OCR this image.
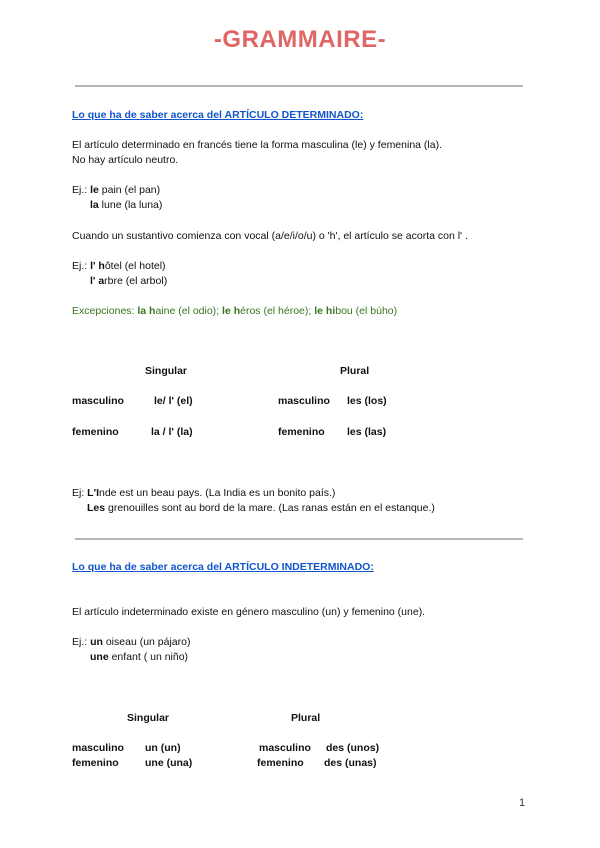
-GRAMMAIRE-
Lo que ha de saber acerca del ARTÍCULO DETERMINADO:
El artículo determinado en francés tiene la forma masculina (le) y femenina (la).
No hay artículo neutro.
Ej.: le pain (el pan)
la lune (la luna)
Cuando un sustantivo comienza con vocal (a/e/i/o/u) o 'h', el artículo se acorta con l' .
Ej.: l' hôtel (el hotel)
l' arbre (el arbol)
Excepciones: la haine (el odio); le héros (el héroe); le hibou (el búho)
Singular	Plural
masculino	le/ l' (el)	masculino les (los)
femenino	la / l' (la)	femenino les (las)
Ej: L'Inde est un beau pays. (La India es un bonito país.)
Les grenouilles sont au bord de la mare. (Las ranas están en el estanque.)
Lo que ha de saber acerca del ARTÍCULO INDETERMINADO:
El artículo indeterminado existe en género masculino (un) y femenino (une).
Ej.: un oiseau (un pájaro)
une enfant ( un niño)
Singular	Plural
masculino un (un)	masculino des (unos)
femenino	une (una)	femenino des (unas)
1
